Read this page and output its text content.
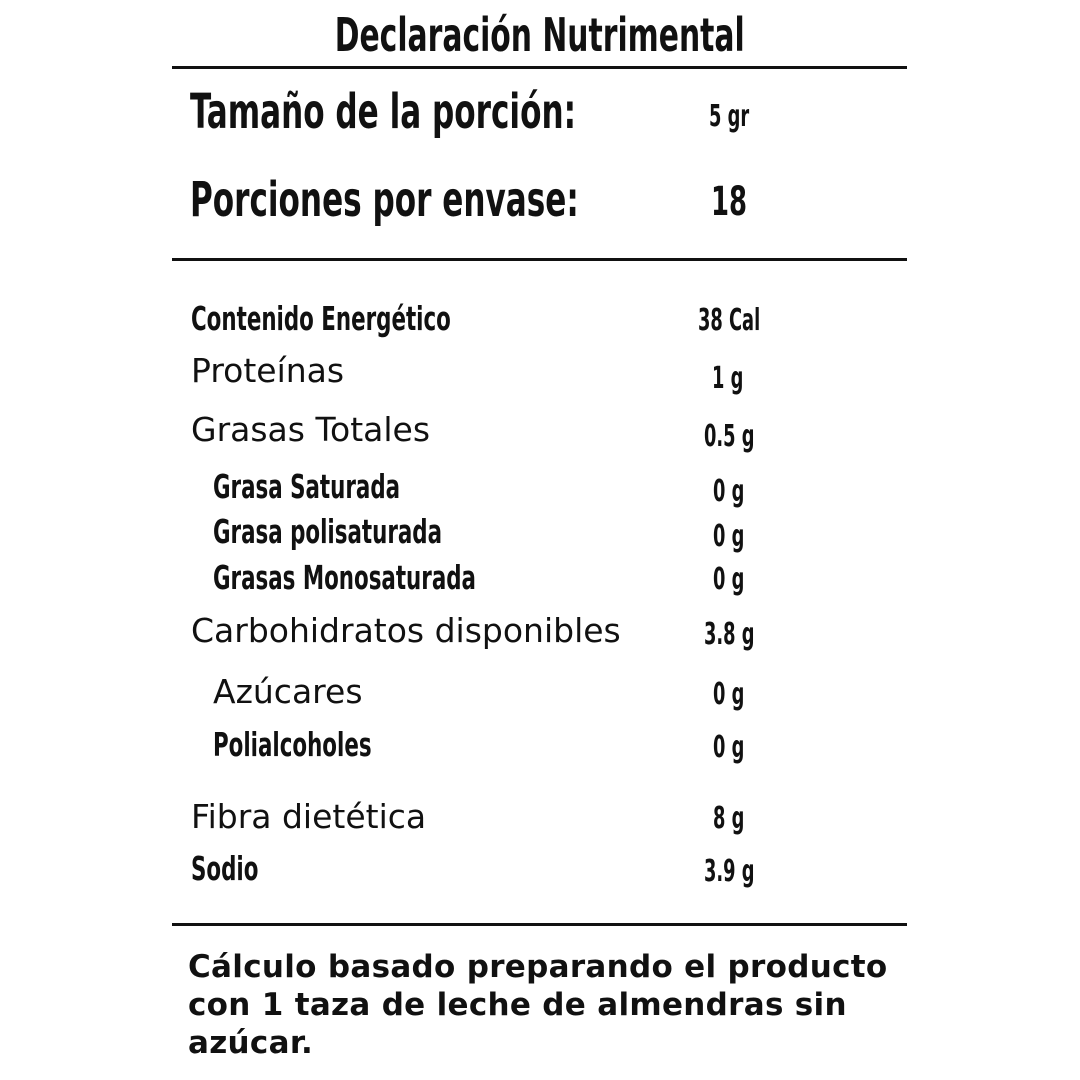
Declaración Nutrimental
Tamaño de la porción:	5 gr
Porciones por envase:	18
Contenido Energético	38 Cal
Proteínas	1 g
Grasas Totales	0.5 g
Grasa Saturada	0 g
Grasa polisaturada	0 g
Grasas Monosaturada	0 g
Carbohidratos disponibles	3.8 g
Azúcares	0 g
Polialcoholes	0 g
Fibra dietética	8 g
Sodio	3.9 g
Cálculo basado preparando el producto con 1 taza de leche de almendras sin azúcar.
